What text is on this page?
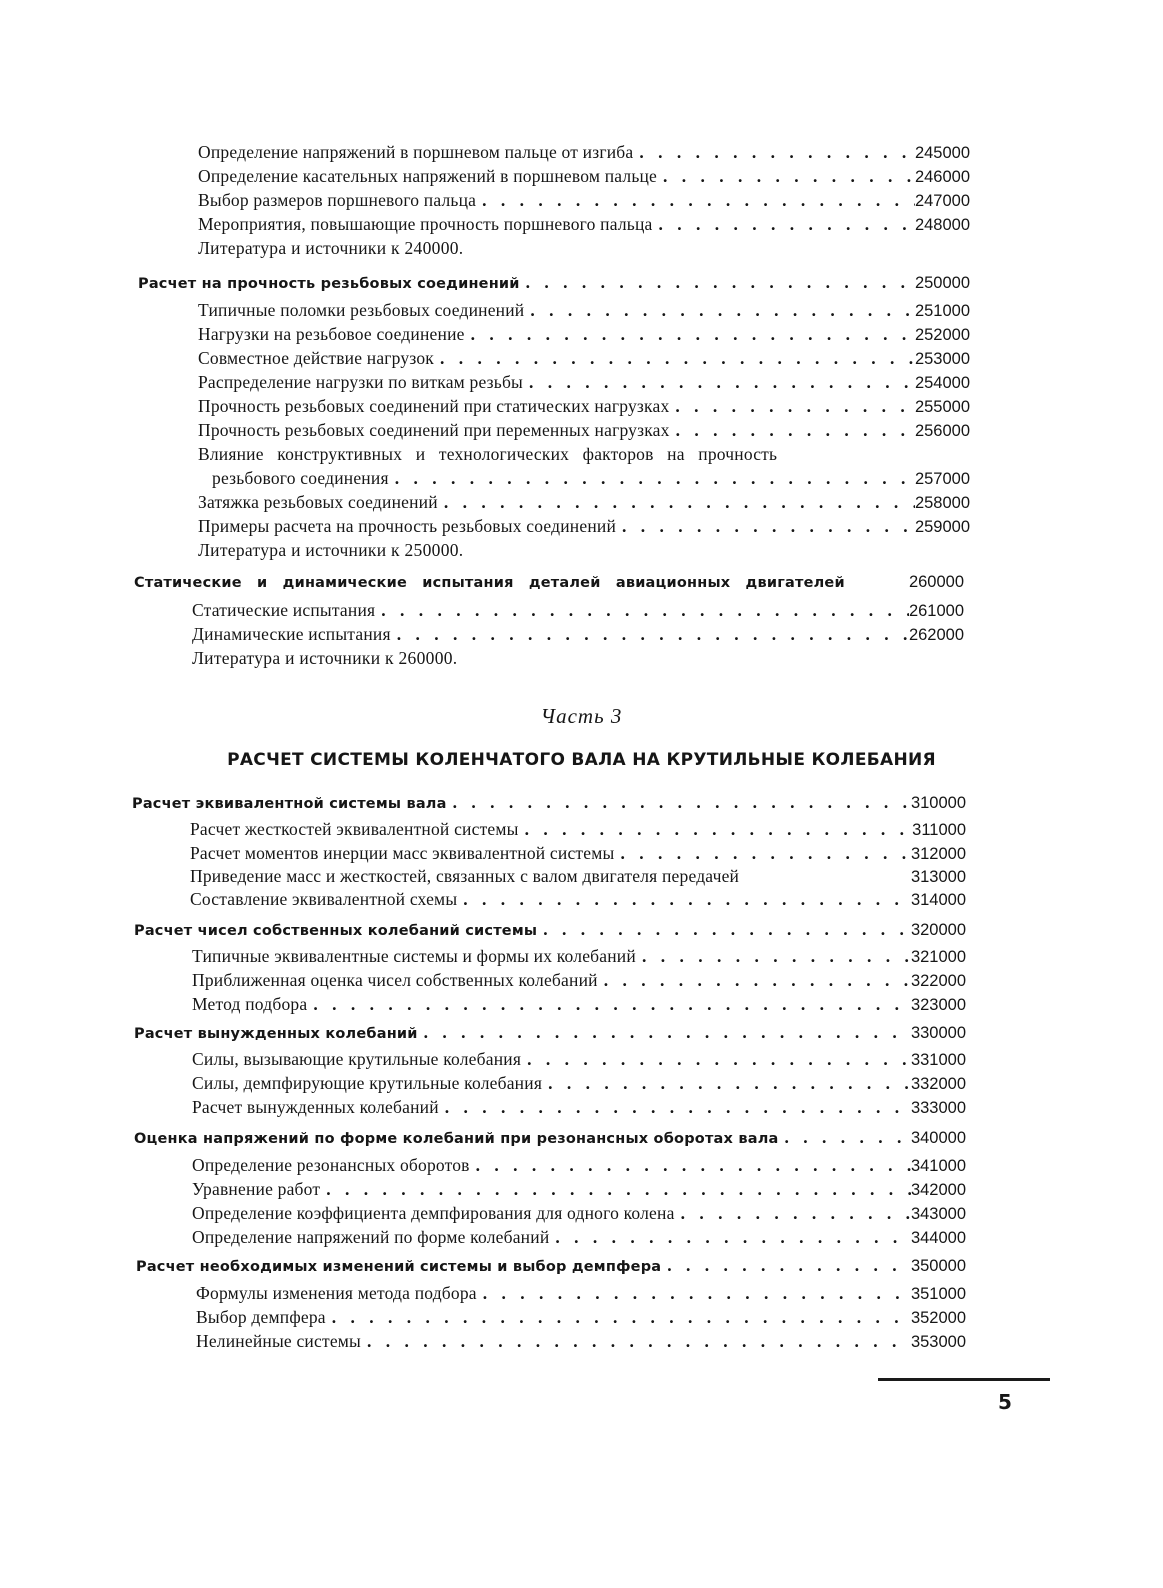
Определение напряжений в поршневом пальце от изгиба . . .	245000
Определение касательных напряжений в поршневом пальце . . .	246000
Выбор размеров поршневого пальца . . .	247000
Мероприятия, повышающие прочность поршневого пальца . . .	248000
Литература и источники к 240000.
Расчет на прочность резьбовых соединений . . .	250000
Типичные поломки резьбовых соединений . . .	251000
Нагрузки на резьбовое соединение . . .	252000
Совместное действие нагрузок . . .	253000
Распределение нагрузки по виткам резьбы . . .	254000
Прочность резьбовых соединений при статических нагрузках . . .	255000
Прочность резьбовых соединений при переменных нагрузках . . .	256000
Влияние конструктивных и технологических факторов на прочность
резьбового соединения . . .	257000
Затяжка резьбовых соединений . . .	258000
Примеры расчета на прочность резьбовых соединений . . .	259000
Литература и источники к 250000.
Статические и динамические испытания деталей авиационных двигателей	260000
Статические испытания . . .	261000
Динамические испытания . . .	262000
Литература и источники к 260000.
Часть 3
РАСЧЕТ СИСТЕМЫ КОЛЕНЧАТОГО ВАЛА НА КРУТИЛЬНЫЕ КОЛЕБАНИЯ
Расчет эквивалентной системы вала . . .	310000
Расчет жесткостей эквивалентной системы . . .	311000
Расчет моментов инерции масс эквивалентной системы . . .	312000
Приведение масс и жесткостей, связанных с валом двигателя передачей	313000
Составление эквивалентной схемы . . .	314000
Расчет чисел собственных колебаний системы . . .	320000
Типичные эквивалентные системы и формы их колебаний . . .	321000
Приближенная оценка чисел собственных колебаний . . .	322000
Метод подбора . . .	323000
Расчет вынужденных колебаний . . .	330000
Силы, вызывающие крутильные колебания . . .	331000
Силы, демпфирующие крутильные колебания . . .	332000
Расчет вынужденных колебаний . . .	333000
Оценка напряжений по форме колебаний при резонансных оборотах вала . . .	340000
Определение резонансных оборотов . . .	341000
Уравнение работ . . .	342000
Определение коэффициента демпфирования для одного колена . . .	343000
Определение напряжений по форме колебаний . . .	344000
Расчет необходимых изменений системы и выбор демпфера . . .	350000
Формулы изменения метода подбора . . .	351000
Выбор демпфера . . .	352000
Нелинейные системы . . .	353000
5
